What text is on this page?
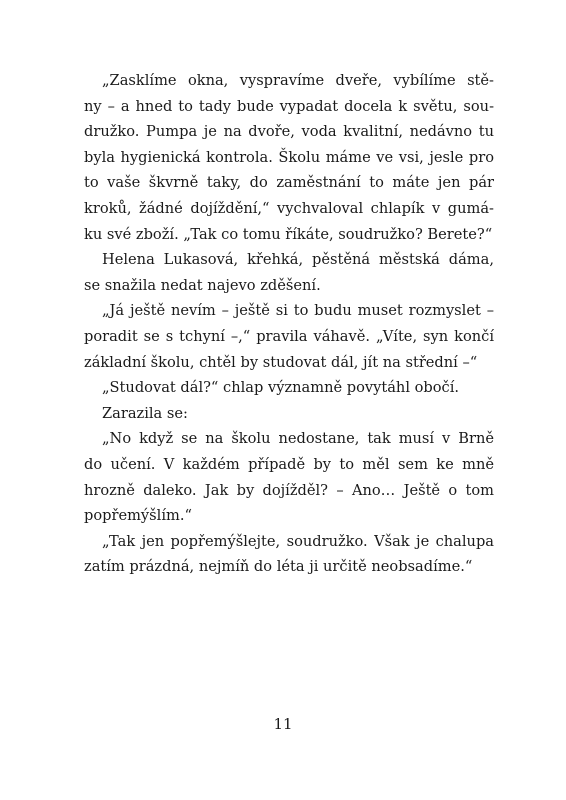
„Zasklíme okna, vyspravíme dveře, vybílíme stě-
ny – a hned to tady bude vypadat docela k světu, sou-
družko. Pumpa je na dvoře, voda kvalitní, nedávno tu
byla hygienická kontrola. Školu máme ve vsi, jesle pro
to vaše škvrně taky, do zaměstnání to máte jen pár
kroků, žádné dojíždění,“ vychvaloval chlapík v gumá-
ku své zboží. „Tak co tomu říkáte, soudružko? Berete?“
Helena Lukasová, křehká, pěstěná městská dáma,
se snažila nedat najevo zděšení.
„Já ještě nevím – ještě si to budu muset rozmyslet –
poradit se s tchyní –,“ pravila váhavě. „Víte, syn končí
základní školu, chtěl by studovat dál, jít na střední –“
„Studovat dál?“ chlap významně povytáhl obočí.
Zarazila se:
„No když se na školu nedostane, tak musí v Brně
do učení. V každém případě by to měl sem ke mně
hrozně daleko. Jak by dojížděl? – Ano… Ještě o tom
popřemýšlím.“
„Tak jen popřemýšlejte, soudružko. Však je chalupa
zatím prázdná, nejmíň do léta ji určitě neobsadíme.“
11
